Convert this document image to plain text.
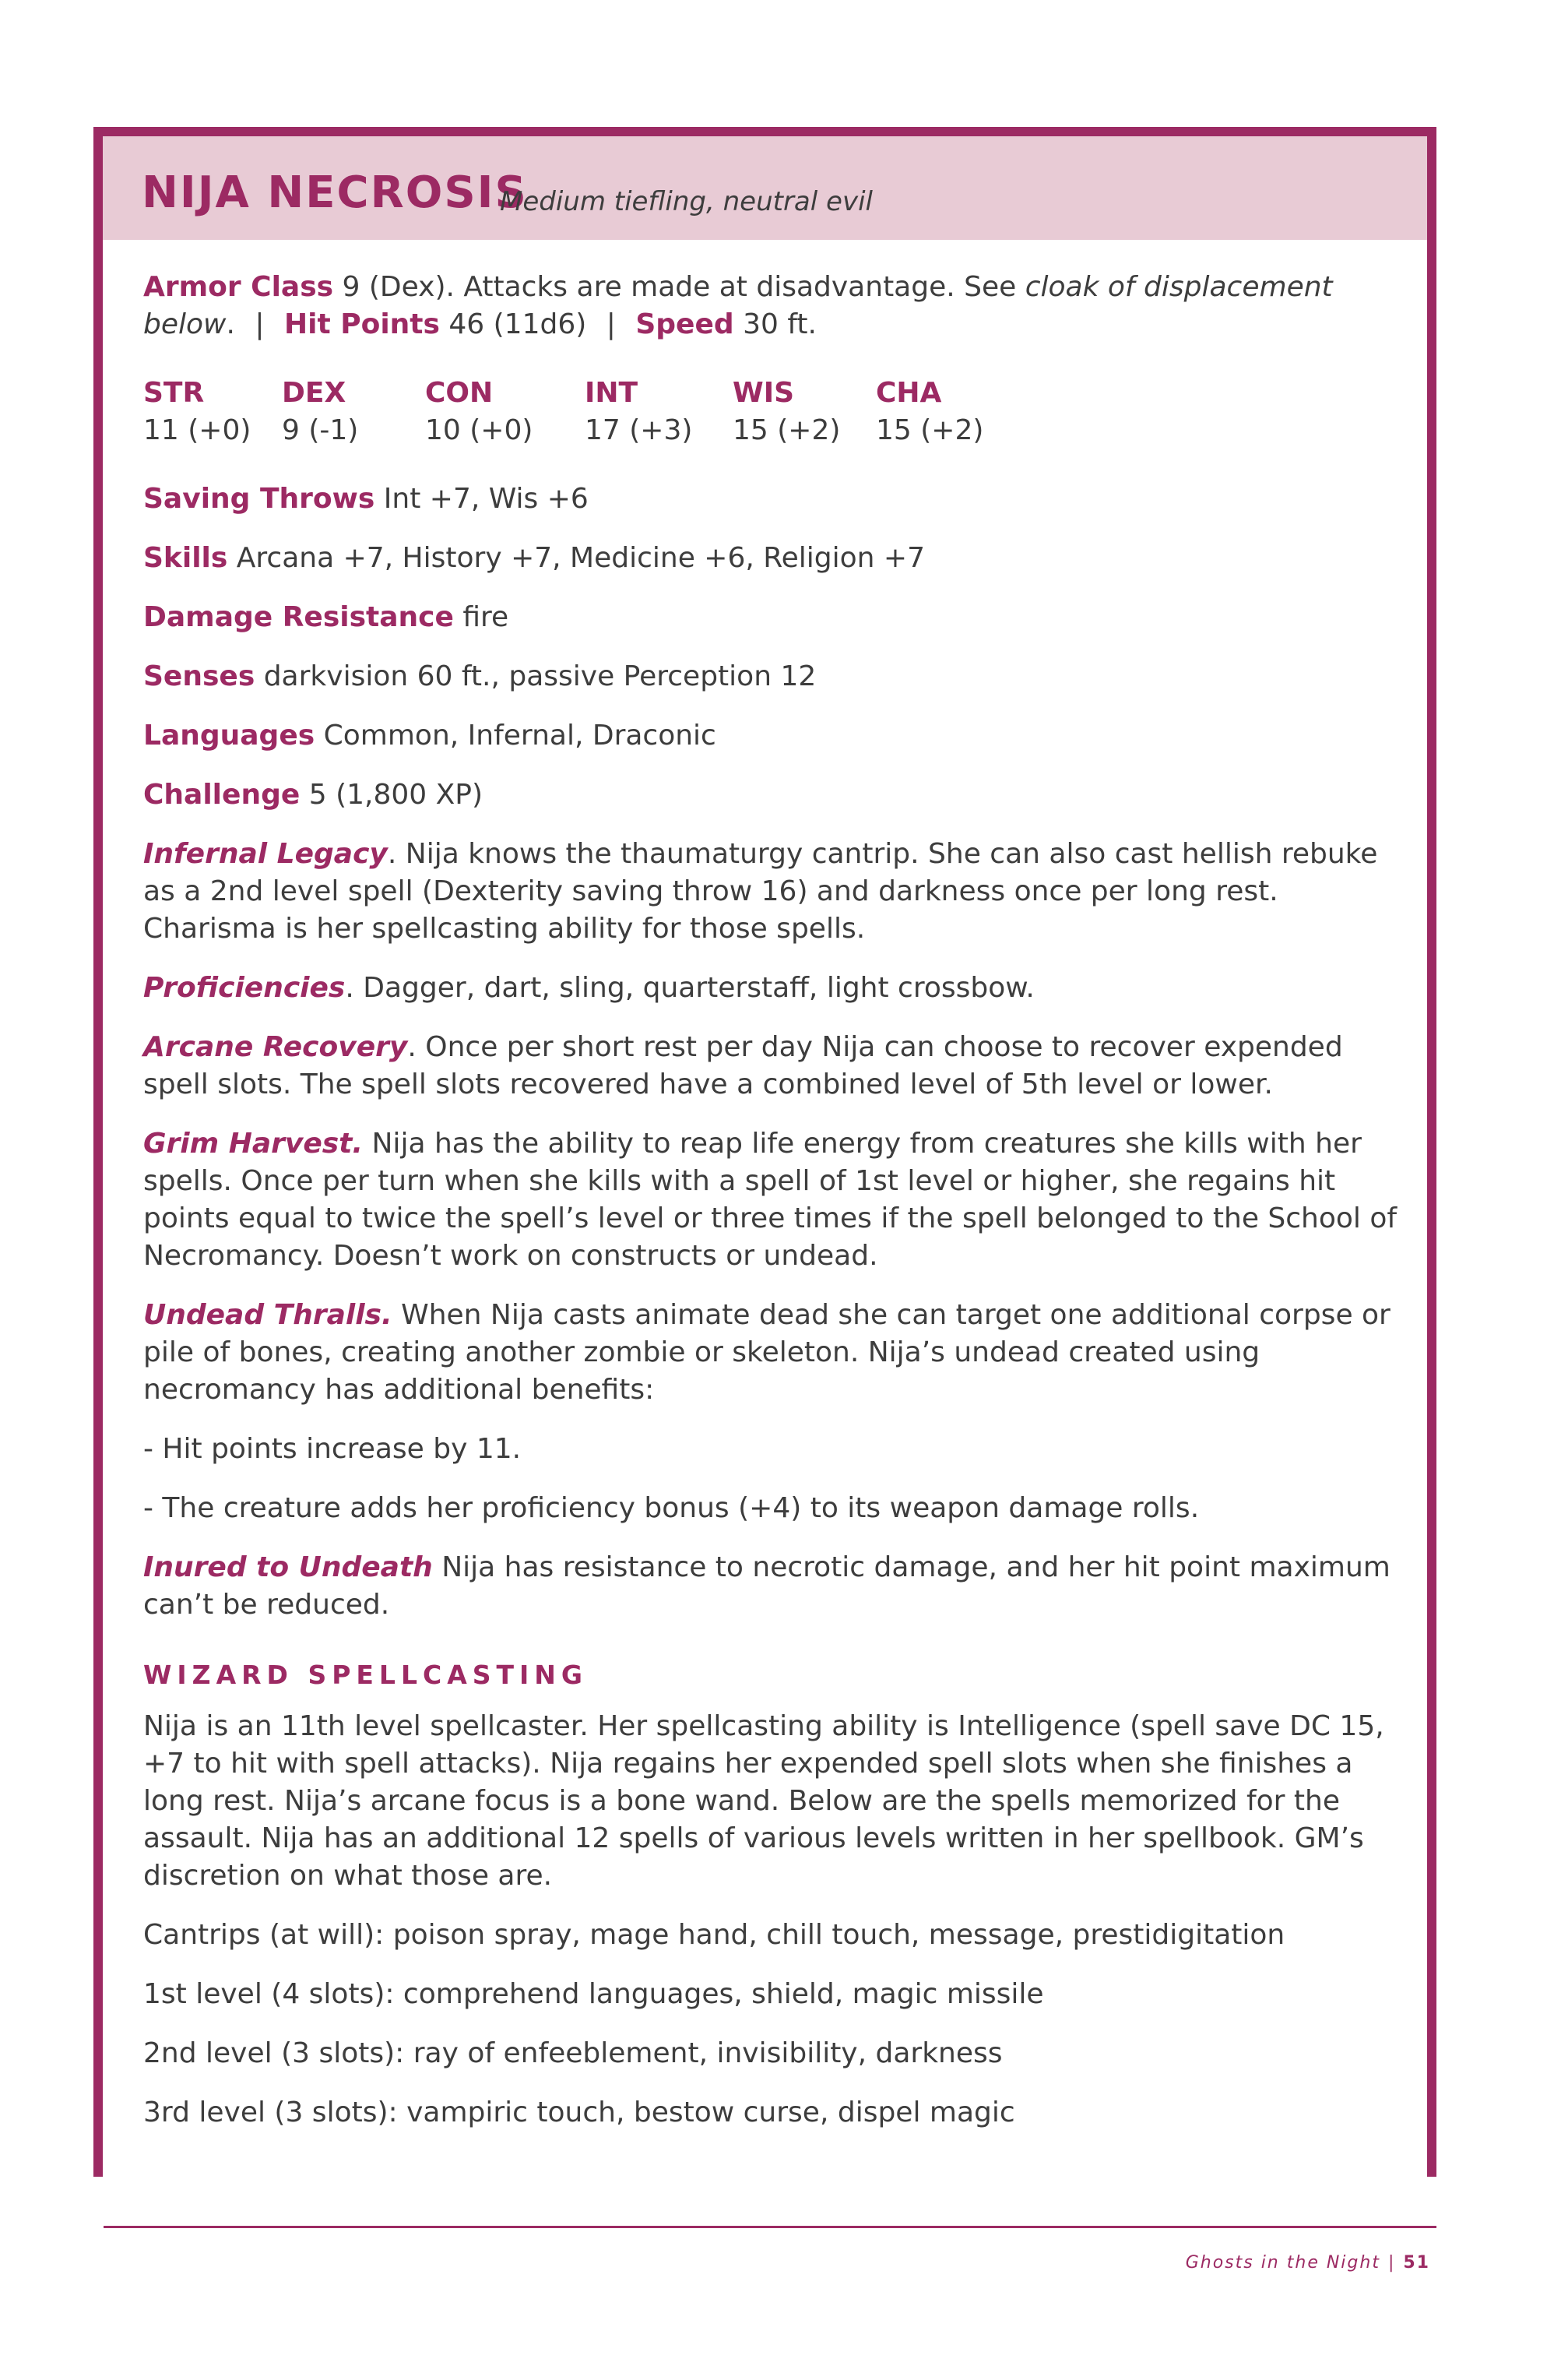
NIJA NECROSIS
Medium tiefling, neutral evil

Armor Class 9 (Dex). Attacks are made at disadvantage. See cloak of displacement below. | Hit Points 46 (11d6) | Speed 30 ft.

STR
11 (+0)
DEX
9 (-1)
CON
10 (+0)
INT
17 (+3)
WIS
15 (+2)
CHA
15 (+2)

Saving Throws Int +7, Wis +6

Skills Arcana +7, History +7, Medicine +6, Religion +7

Damage Resistance fire

Senses darkvision 60 ft., passive Perception 12

Languages Common, Infernal, Draconic

Challenge 5 (1,800 XP)

Infernal Legacy. Nija knows the thaumaturgy cantrip. She can also cast hellish rebuke as a 2nd level spell (Dexterity saving throw 16) and darkness once per long rest. Charisma is her spellcasting ability for those spells.

Proficiencies. Dagger, dart, sling, quarterstaff, light crossbow.

Arcane Recovery. Once per short rest per day Nija can choose to recover expended spell slots. The spell slots recovered have a combined level of 5th level or lower.

Grim Harvest. Nija has the ability to reap life energy from creatures she kills with her spells. Once per turn when she kills with a spell of 1st level or higher, she regains hit points equal to twice the spell’s level or three times if the spell belonged to the School of Necromancy. Doesn’t work on constructs or undead.

Undead Thralls. When Nija casts animate dead she can target one additional corpse or pile of bones, creating another zombie or skeleton. Nija’s undead created using necromancy has additional benefits:

- Hit points increase by 11.

- The creature adds her proficiency bonus (+4) to its weapon damage rolls.

Inured to Undeath Nija has resistance to necrotic damage, and her hit point maximum can’t be reduced.

WIZARD SPELLCASTING

Nija is an 11th level spellcaster. Her spellcasting ability is Intelligence (spell save DC 15, +7 to hit with spell attacks). Nija regains her expended spell slots when she finishes a long rest. Nija’s arcane focus is a bone wand. Below are the spells memorized for the assault. Nija has an additional 12 spells of various levels written in her spellbook. GM’s discretion on what those are.

Cantrips (at will): poison spray, mage hand, chill touch, message, prestidigitation

1st level (4 slots): comprehend languages, shield, magic missile

2nd level (3 slots): ray of enfeeblement, invisibility, darkness

3rd level (3 slots): vampiric touch, bestow curse, dispel magic

Ghosts in the Night | 51
